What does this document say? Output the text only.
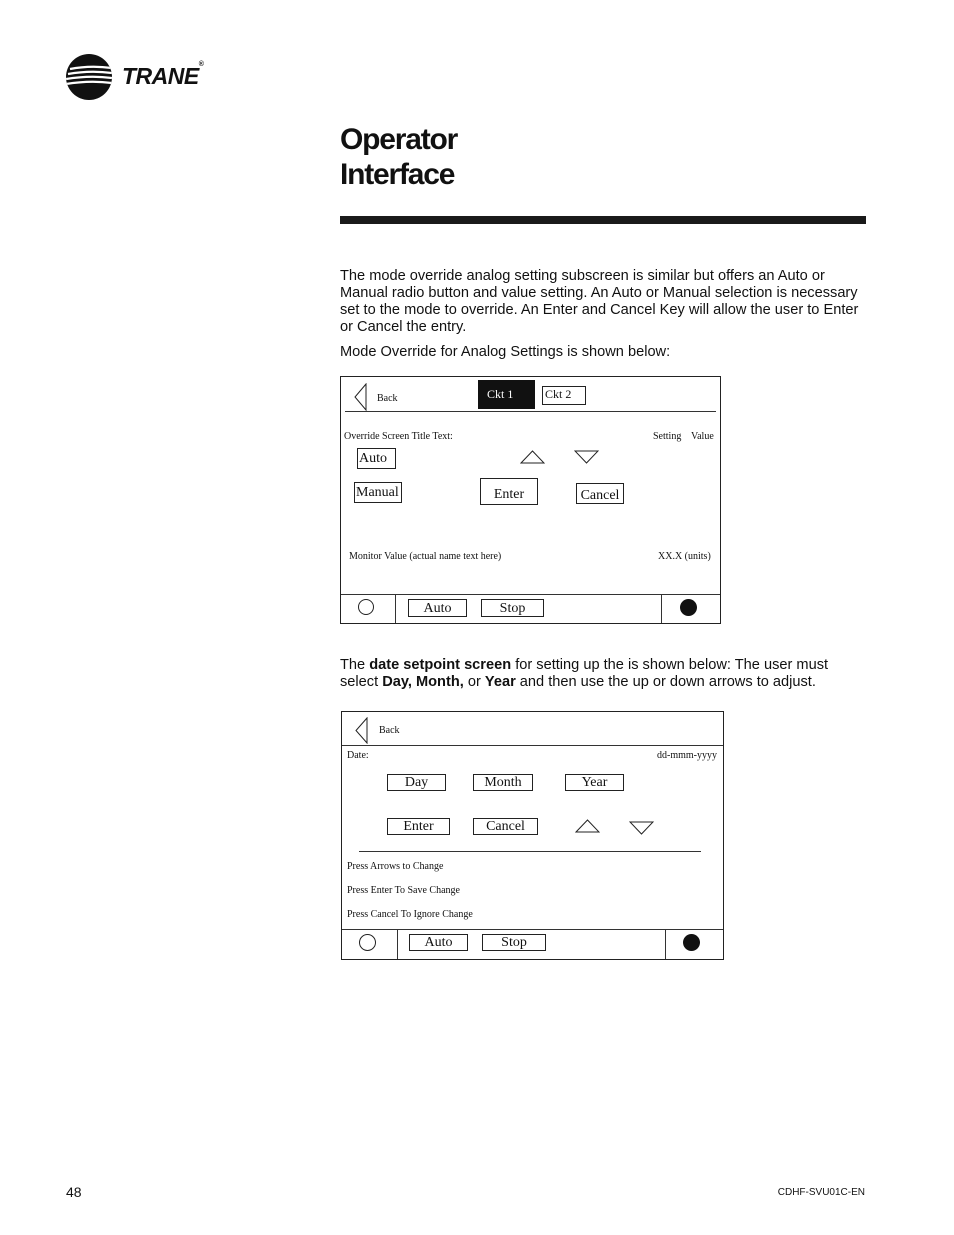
TRANE®
Operator
Interface

The mode override analog setting subscreen is similar but offers an Auto or Manual radio button and value setting. An Auto or Manual selection is necessary set to the mode to override. An Enter and Cancel Key will allow the user to Enter or Cancel the entry.

Mode Override for Analog Settings is shown below:

Back	Ckt 1	Ckt 2
Override Screen Title Text:	Setting Value
Auto
Manual	Enter	Cancel
Monitor Value (actual name text here)	XX.X (units)
Auto	Stop

The date setpoint screen for setting up the is shown below: The user must select Day, Month, or Year and then use the up or down arrows to adjust.

Back
Date:	dd-mmm-yyyy
Day	Month	Year
Enter	Cancel
Press Arrows to Change
Press Enter To Save Change
Press Cancel To Ignore Change
Auto	Stop
48	CDHF-SVU01C-EN
